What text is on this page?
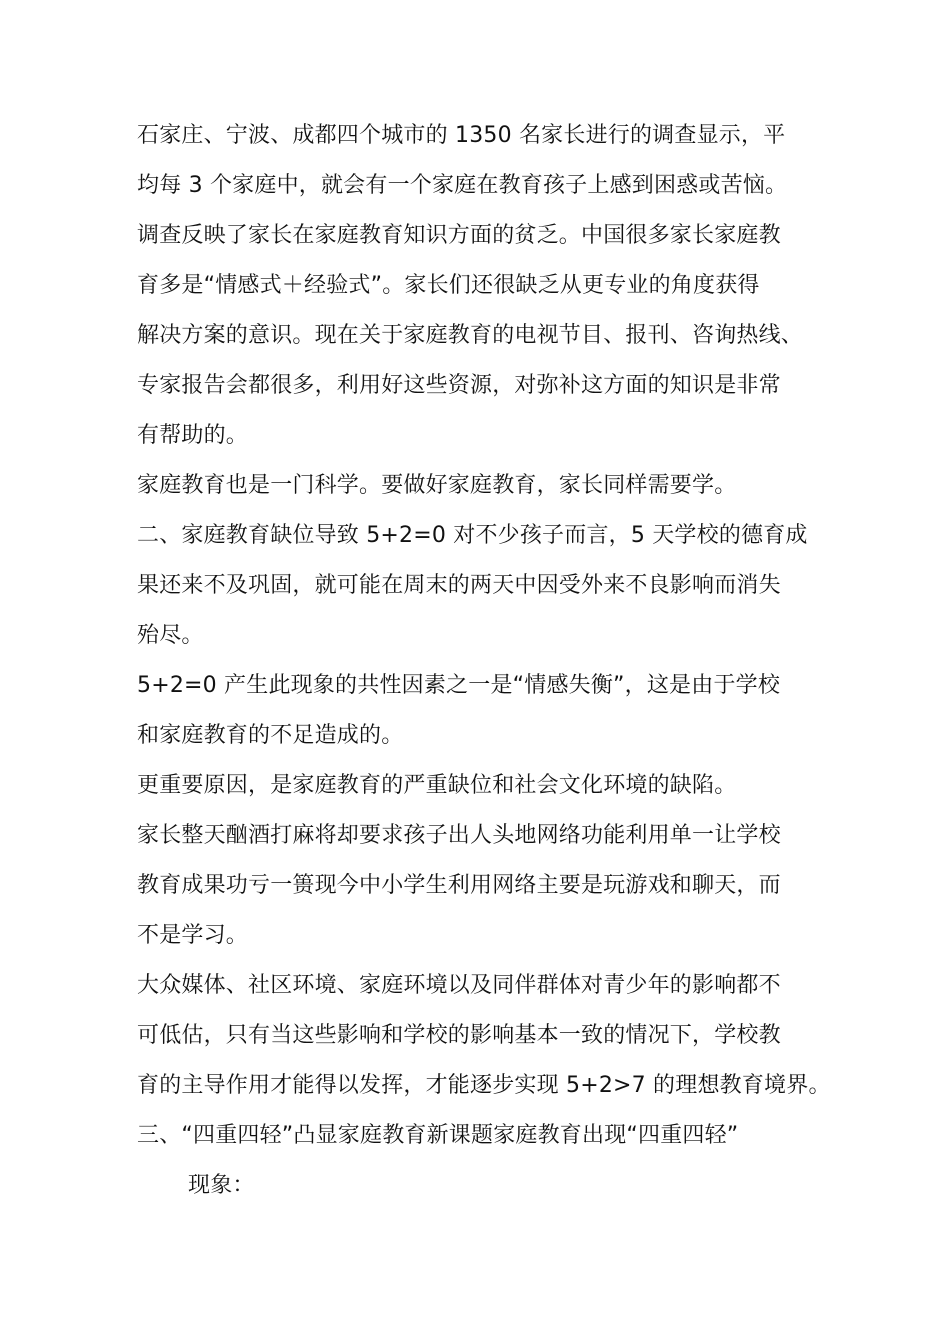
石家庄、宁波、成都四个城市的 1350 名家长进行的调查显示，平
均每 3 个家庭中，就会有一个家庭在教育孩子上感到困惑或苦恼。
调查反映了家长在家庭教育知识方面的贫乏。中国很多家长家庭教
育多是“情感式＋经验式”。家长们还很缺乏从更专业的角度获得
解决方案的意识。现在关于家庭教育的电视节目、报刊、咨询热线、
专家报告会都很多，利用好这些资源，对弥补这方面的知识是非常
有帮助的。
家庭教育也是一门科学。要做好家庭教育，家长同样需要学。
二、家庭教育缺位导致 5+2=0 对不少孩子而言，5 天学校的德育成
果还来不及巩固，就可能在周末的两天中因受外来不良影响而消失
殆尽。
5+2=0 产生此现象的共性因素之一是“情感失衡”，这是由于学校
和家庭教育的不足造成的。
更重要原因，是家庭教育的严重缺位和社会文化环境的缺陷。
家长整天酗酒打麻将却要求孩子出人头地网络功能利用单一让学校
教育成果功亏一篑现今中小学生利用网络主要是玩游戏和聊天，而
不是学习。
大众媒体、社区环境、家庭环境以及同伴群体对青少年的影响都不
可低估，只有当这些影响和学校的影响基本一致的情况下，学校教
育的主导作用才能得以发挥，才能逐步实现 5+2>7 的理想教育境界。
三、“四重四轻”凸显家庭教育新课题家庭教育出现“四重四轻”
现象：
